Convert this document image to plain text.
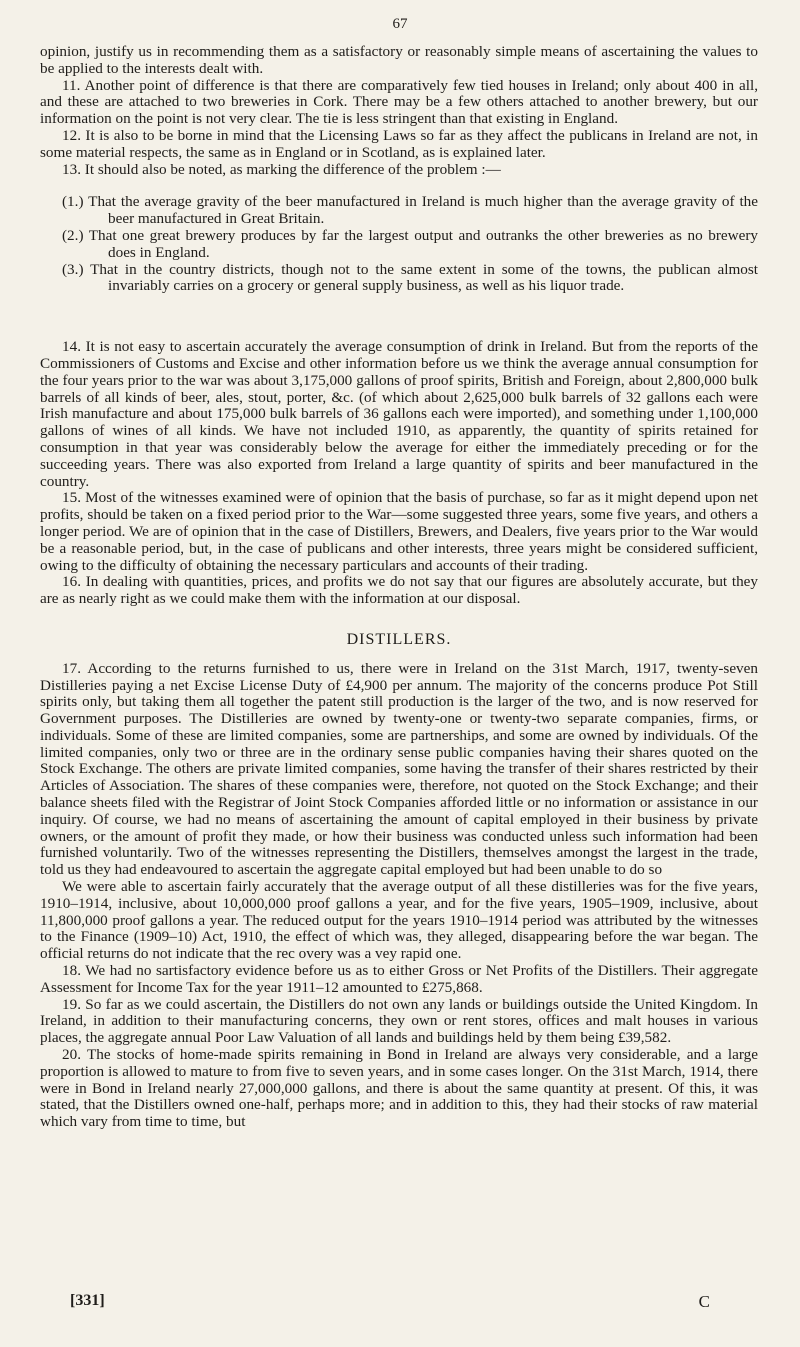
67

opinion, justify us in recommending them as a satisfactory or reasonably simple means of ascertaining the values to be applied to the interests dealt with.

11. Another point of difference is that there are comparatively few tied houses in Ireland; only about 400 in all, and these are attached to two breweries in Cork. There may be a few others attached to another brewery, but our information on the point is not very clear. The tie is less stringent than that existing in England.

12. It is also to be borne in mind that the Licensing Laws so far as they affect the publicans in Ireland are not, in some material respects, the same as in England or in Scotland, as is explained later.

13. It should also be noted, as marking the difference of the problem :—

(1.) That the average gravity of the beer manufactured in Ireland is much higher than the average gravity of the beer manufactured in Great Britain.

(2.) That one great brewery produces by far the largest output and outranks the other breweries as no brewery does in England.

(3.) That in the country districts, though not to the same extent in some of the towns, the publican almost invariably carries on a grocery or general supply business, as well as his liquor trade.

14. It is not easy to ascertain accurately the average consumption of drink in Ireland. But from the reports of the Commissioners of Customs and Excise and other information before us we think the average annual consumption for the four years prior to the war was about 3,175,000 gallons of proof spirits, British and Foreign, about 2,800,000 bulk barrels of all kinds of beer, ales, stout, porter, &c. (of which about 2,625,000 bulk barrels of 32 gallons each were Irish manufacture and about 175,000 bulk barrels of 36 gallons each were imported), and something under 1,100,000 gallons of wines of all kinds. We have not included 1910, as apparently, the quantity of spirits retained for consumption in that year was considerably below the average for either the immediately preceding or for the succeeding years. There was also exported from Ireland a large quantity of spirits and beer manufactured in the country.

15. Most of the witnesses examined were of opinion that the basis of purchase, so far as it might depend upon net profits, should be taken on a fixed period prior to the War—some suggested three years, some five years, and others a longer period. We are of opinion that in the case of Distillers, Brewers, and Dealers, five years prior to the War would be a reasonable period, but, in the case of publicans and other interests, three years might be considered sufficient, owing to the difficulty of obtaining the necessary particulars and accounts of their trading.

16. In dealing with quantities, prices, and profits we do not say that our figures are absolutely accurate, but they are as nearly right as we could make them with the information at our disposal.

DISTILLERS.

17. According to the returns furnished to us, there were in Ireland on the 31st March, 1917, twenty-seven Distilleries paying a net Excise License Duty of £4,900 per annum. The majority of the concerns produce Pot Still spirits only, but taking them all together the patent still production is the larger of the two, and is now reserved for Government purposes. The Distilleries are owned by twenty-one or twenty-two separate companies, firms, or individuals. Some of these are limited companies, some are partnerships, and some are owned by individuals. Of the limited companies, only two or three are in the ordinary sense public companies having their shares quoted on the Stock Exchange. The others are private limited companies, some having the transfer of their shares restricted by their Articles of Association. The shares of these companies were, therefore, not quoted on the Stock Exchange; and their balance sheets filed with the Registrar of Joint Stock Companies afforded little or no information or assistance in our inquiry. Of course, we had no means of ascertaining the amount of capital employed in their business by private owners, or the amount of profit they made, or how their business was conducted unless such information had been furnished voluntarily. Two of the witnesses representing the Distillers, themselves amongst the largest in the trade, told us they had endeavoured to ascertain the aggregate capital employed but had been unable to do so

We were able to ascertain fairly accurately that the average output of all these distilleries was for the five years, 1910–1914, inclusive, about 10,000,000 proof gallons a year, and for the five years, 1905–1909, inclusive, about 11,800,000 proof gallons a year. The reduced output for the years 1910–1914 period was attributed by the witnesses to the Finance (1909–10) Act, 1910, the effect of which was, they alleged, disappearing before the war began. The official returns do not indicate that the rec overy was a vey rapid one.

18. We had no sartisfactory evidence before us as to either Gross or Net Profits of the Distillers. Their aggregate Assessment for Income Tax for the year 1911–12 amounted to £275,868.

19. So far as we could ascertain, the Distillers do not own any lands or buildings outside the United Kingdom. In Ireland, in addition to their manufacturing concerns, they own or rent stores, offices and malt houses in various places, the aggregate annual Poor Law Valuation of all lands and buildings held by them being £39,582.

20. The stocks of home-made spirits remaining in Bond in Ireland are always very considerable, and a large proportion is allowed to mature to from five to seven years, and in some cases longer. On the 31st March, 1914, there were in Bond in Ireland nearly 27,000,000 gallons, and there is about the same quantity at present. Of this, it was stated, that the Distillers owned one-half, perhaps more; and in addition to this, they had their stocks of raw material which vary from time to time, but

[331]	C
